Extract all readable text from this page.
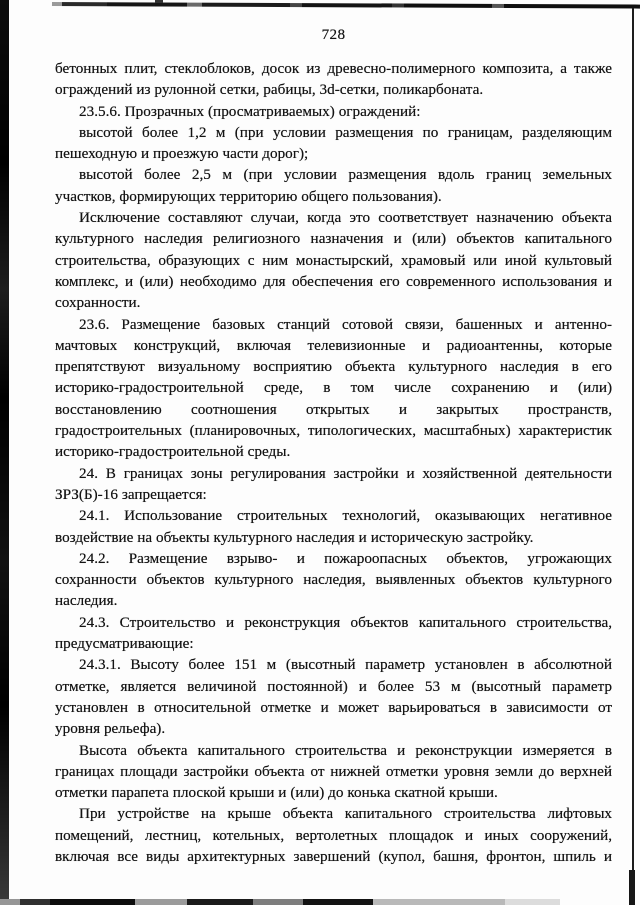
728
бетонных плит, стеклоблоков, досок из древесно-полимерного композита, а также
ограждений из рулонной сетки, рабицы, 3d-сетки, поликарбоната.
23.5.6. Прозрачных (просматриваемых) ограждений:
высотой более 1,2 м (при условии размещения по границам, разделяющим
пешеходную и проезжую части дорог);
высотой более 2,5 м (при условии размещения вдоль границ земельных
участков, формирующих территорию общего пользования).
Исключение составляют случаи, когда это соответствует назначению объекта
культурного наследия религиозного назначения и (или) объектов капитального
строительства, образующих с ним монастырский, храмовый или иной культовый
комплекс, и (или) необходимо для обеспечения его современного использования и
сохранности.
23.6. Размещение базовых станций сотовой связи, башенных и антенно-
мачтовых конструкций, включая телевизионные и радиоантенны, которые
препятствуют визуальному восприятию объекта культурного наследия в его
историко-градостроительной среде, в том числе сохранению и (или)
восстановлению соотношения открытых и закрытых пространств,
градостроительных (планировочных, типологических, масштабных) характеристик
историко-градостроительной среды.
24. В границах зоны регулирования застройки и хозяйственной деятельности
ЗРЗ(Б)-16 запрещается:
24.1. Использование строительных технологий, оказывающих негативное
воздействие на объекты культурного наследия и историческую застройку.
24.2. Размещение взрыво- и пожароопасных объектов, угрожающих
сохранности объектов культурного наследия, выявленных объектов культурного
наследия.
24.3. Строительство и реконструкция объектов капитального строительства,
предусматривающие:
24.3.1. Высоту более 151 м (высотный параметр установлен в абсолютной
отметке, является величиной постоянной) и более 53 м (высотный параметр
установлен в относительной отметке и может варьироваться в зависимости от
уровня рельефа).
Высота объекта капитального строительства и реконструкции измеряется в
границах площади застройки объекта от нижней отметки уровня земли до верхней
отметки парапета плоской крыши и (или) до конька скатной крыши.
При устройстве на крыше объекта капитального строительства лифтовых
помещений, лестниц, котельных, вертолетных площадок и иных сооружений,
включая все виды архитектурных завершений (купол, башня, фронтон, шпиль и
